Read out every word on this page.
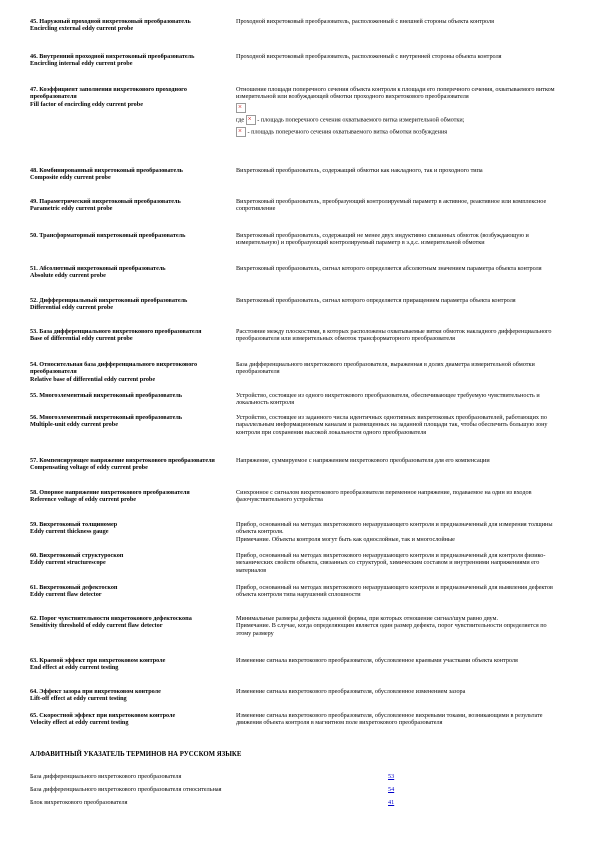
45. Наружный проходной вихретоковый преобразователь
Encircling external eddy current probe

Проходной вихретоковый преобразователь, расположенный с внешней стороны объекта контроля

46. Внутренний проходной вихретоковый преобразователь
Encircling internal eddy current probe

Проходной вихретоковый преобразователь, расположенный с внутренней стороны объекта контроля

47. Коэффициент заполнения вихретокового проходного преобразователя
Fill factor of encircling eddy current probe

Отношение площади поперечного сечения объекта контроля к площади его поперечного сечения, охватываемого витком измерительной или возбуждающей обмотки проходного вихретокового преобразователя

×
где × - площадь поперечного сечения охватываемого витка измерительной обмотки;
× - площадь поперечного сечения охватываемого витка обмотки возбуждения
48. Комбинированный вихретоковый преобразователь
Composite eddy current probe

Вихретоковый преобразователь, содержащий обмотки как накладного, так и проходного типа

49. Параметрический вихретоковый преобразователь
Parametric eddy current probe

Вихретоковый преобразователь, преобразующий контролируемый параметр в активное, реактивное или комплексное сопротивление

50. Трансформаторный вихретоковый преобразователь	Вихретоковый преобразователь, содержащий не менее двух индуктивно связанных обмоток (возбуждающую и измерительную) и преобразующий контролируемый параметр в э.д.с. измерительной обмотки

51. Абсолютный вихретоковый преобразователь
Absolute eddy current probe

Вихретоковый преобразователь, сигнал которого определяется абсолютным значением параметра объекта контроля

52. Дифференциальный вихретоковый преобразователь
Differential eddy current probe

Вихретоковый преобразователь, сигнал которого определяется приращением параметра объекта контроля

53. База дифференциального вихретокового преобразователя
Base of differential eddy current probe

Расстояние между плоскостями, в которых расположены охватываемые витки обмоток накладного дифференциального преобразователя или измерительных обмоток трансформаторного преобразователя

54. Относительная база дифференциального вихретокового преобразователя
Relative base of differential eddy current probe

База дифференциального вихретокового преобразователя, выраженная в долях диаметра измерительной обмотки преобразователя

55. Многоэлементный вихретоковый преобразователь	Устройство, состоящее из одного вихретокового преобразователя, обеспечивающее требуемую чувствительность и локальность контроля

56. Многоэлементный вихретоковый преобразователь
Multiple-unit eddy current probe

Устройство, состоящее из заданного числа идентичных однотипных вихретоковых преобразователей, работающих по параллельным информационным каналам и размещенных на заданной площади так, чтобы обеспечить большую зону контроля при сохранении высокой локальности одного преобразователя

57. Компенсирующее напряжение вихретокового преобразователя
Compensating voltage of eddy current probe

Напряжение, суммируемое с напряжением вихретокового преобразователя для его компенсации

58. Опорное напряжение вихретокового преобразователя
Reference voltage of eddy current probe

Синхронное с сигналом вихретокового преобразователя переменное напряжение, подаваемое на один из входов фазочувствительного устройства

59. Вихретоковый толщиномер
Eddy current thickness gauge

Прибор, основанный на методах вихретокового неразрушающего контроля и предназначенный для измерения толщины объекта контроля.

Примечание. Объекты контроля могут быть как однослойные, так и многослойные

60. Вихретоковый структуроскоп
Eddy current structurescope

Прибор, основанный на методах вихретокового неразрушающего контроля и предназначенный для контроля физико-механических свойств объекта, связанных со структурой, химическим составом и внутренними напряжениями его материалов

61. Вихретоковый дефектоскоп
Eddy current flaw detector

Прибор, основанный на методах вихретокового неразрушающего контроля и предназначенный для выявления дефектов объекта контроля типа нарушений сплошности

62. Порог чувствительности вихретокового дефектоскопа
Sensitivity threshold of eddy current flaw detector

Минимальные размеры дефекта заданной формы, при которых отношение сигнал/шум равно двум.

Примечание. В случае, когда определяющим является один размер дефекта, порог чувствительности определяется по этому размеру

63. Краевой эффект при вихретоковом контроле
End effect at eddy current testing

Изменение сигнала вихретокового преобразователя, обусловленное краевыми участками объекта контроля

64. Эффект зазора при вихретоковом контроле
Lift-off effect at eddy current testing

Изменение сигнала вихретокового преобразователя, обусловленное изменением зазора

65. Скоростной эффект при вихретоковом контроле
Velocity effect at eddy current testing

Изменение сигнала вихретокового преобразователя, обусловленное вихревыми токами, возникающими в результате движения объекта контроля в магнитном поле вихретокового преобразователя

АЛФАВИТНЫЙ УКАЗАТЕЛЬ ТЕРМИНОВ НА РУССКОМ ЯЗЫКЕ
База дифференциального вихретокового преобразователя	53
База дифференциального вихретокового преобразователя относительная	54
Блок вихретокового преобразователя	41
